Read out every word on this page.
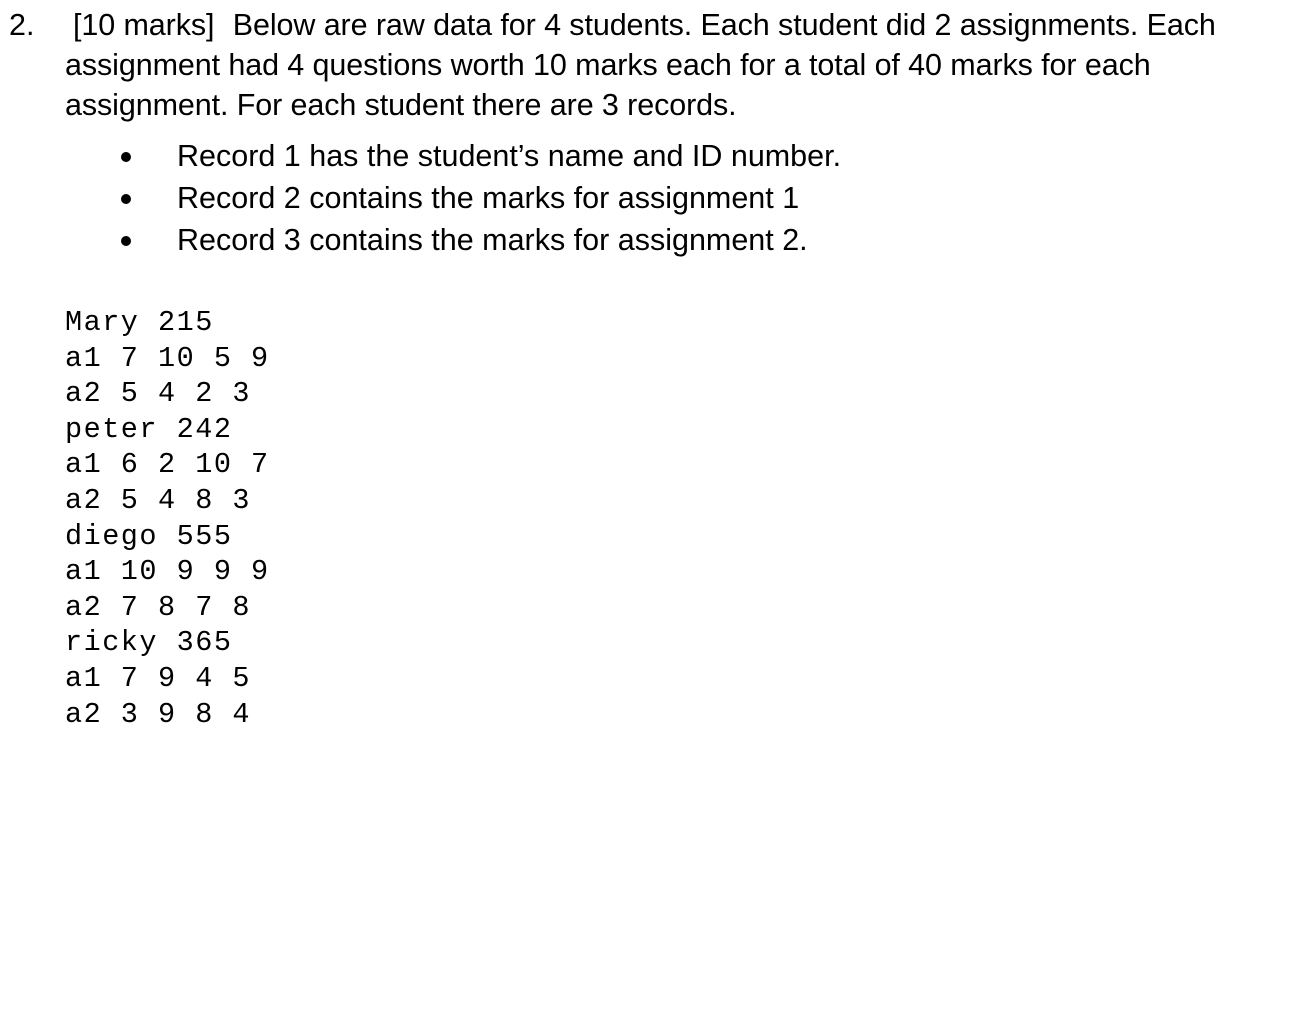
2. [10 marks] Below are raw data for 4 students. Each student did 2 assignments. Each assignment had 4 questions worth 10 marks each for a total of 40 marks for each assignment. For each student there are 3 records.
Record 1 has the student’s name and ID number.
Record 2 contains the marks for assignment 1
Record 3 contains the marks for assignment 2.
Mary 215
a1 7 10 5 9
a2 5 4 2 3
peter 242
a1 6 2 10 7
a2 5 4 8 3
diego 555
a1 10 9 9 9
a2 7 8 7 8
ricky 365
a1 7 9 4 5
a2 3 9 8 4
